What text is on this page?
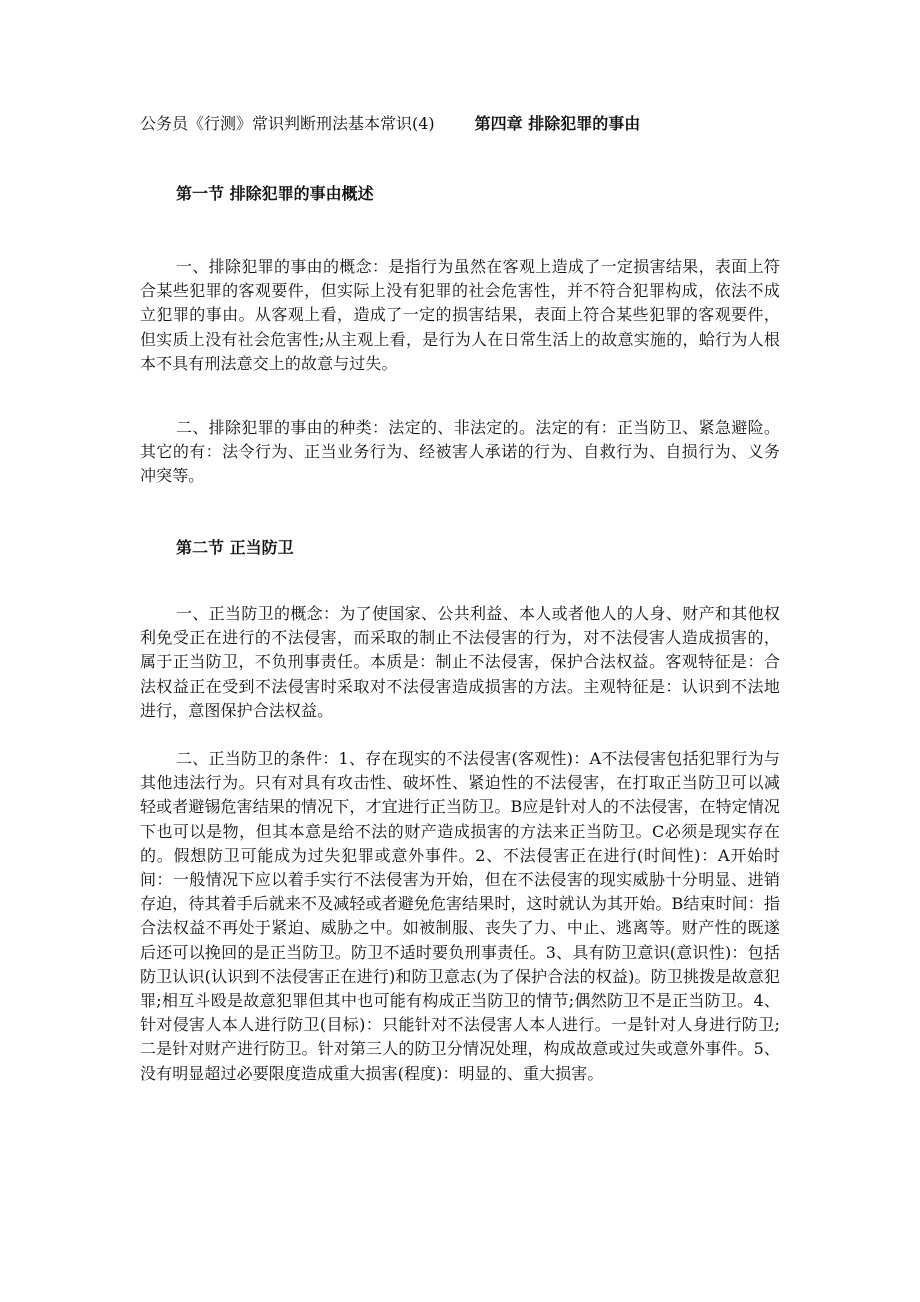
公务员《行测》常识判断刑法基本常识(4)	第四章 排除犯罪的事由
第一节 排除犯罪的事由概述
一、排除犯罪的事由的概念：是指行为虽然在客观上造成了一定损害结果，表面上符合某些犯罪的客观要件，但实际上没有犯罪的社会危害性，并不符合犯罪构成，依法不成立犯罪的事由。从客观上看，造成了一定的损害结果，表面上符合某些犯罪的客观要件，但实质上没有社会危害性;从主观上看，是行为人在日常生活上的故意实施的，蛤行为人根本不具有刑法意交上的故意与过失。
二、排除犯罪的事由的种类：法定的、非法定的。法定的有：正当防卫、紧急避险。其它的有：法令行为、正当业务行为、经被害人承诺的行为、自救行为、自损行为、义务冲突等。
第二节 正当防卫
一、正当防卫的概念：为了使国家、公共利益、本人或者他人的人身、财产和其他权利免受正在进行的不法侵害，而采取的制止不法侵害的行为，对不法侵害人造成损害的，属于正当防卫，不负刑事责任。本质是：制止不法侵害，保护合法权益。客观特征是：合法权益正在受到不法侵害时采取对不法侵害造成损害的方法。主观特征是：认识到不法地进行，意图保护合法权益。
二、正当防卫的条件：1、存在现实的不法侵害(客观性)：A不法侵害包括犯罪行为与其他违法行为。只有对具有攻击性、破坏性、紧迫性的不法侵害，在打取正当防卫可以减轻或者避锡危害结果的情况下，才宜进行正当防卫。B应是针对人的不法侵害，在特定情况下也可以是物，但其本意是给不法的财产造成损害的方法来正当防卫。C必须是现实存在的。假想防卫可能成为过失犯罪或意外事件。2、不法侵害正在进行(时间性)：A开始时间：一般情况下应以着手实行不法侵害为开始，但在不法侵害的现实威胁十分明显、进销存迫，待其着手后就来不及减轻或者避免危害结果时，这时就认为其开始。B结束时间：指合法权益不再处于紧迫、威胁之中。如被制服、丧失了力、中止、逃离等。财产性的既遂后还可以挽回的是正当防卫。防卫不适时要负刑事责任。3、具有防卫意识(意识性)：包括防卫认识(认识到不法侵害正在进行)和防卫意志(为了保护合法的权益)。防卫挑拨是故意犯罪;相互斗殴是故意犯罪但其中也可能有构成正当防卫的情节;偶然防卫不是正当防卫。4、针对侵害人本人进行防卫(目标)：只能针对不法侵害人本人进行。一是针对人身进行防卫;二是针对财产进行防卫。针对第三人的防卫分情况处理，构成故意或过失或意外事件。5、没有明显超过必要限度造成重大损害(程度)：明显的、重大损害。
